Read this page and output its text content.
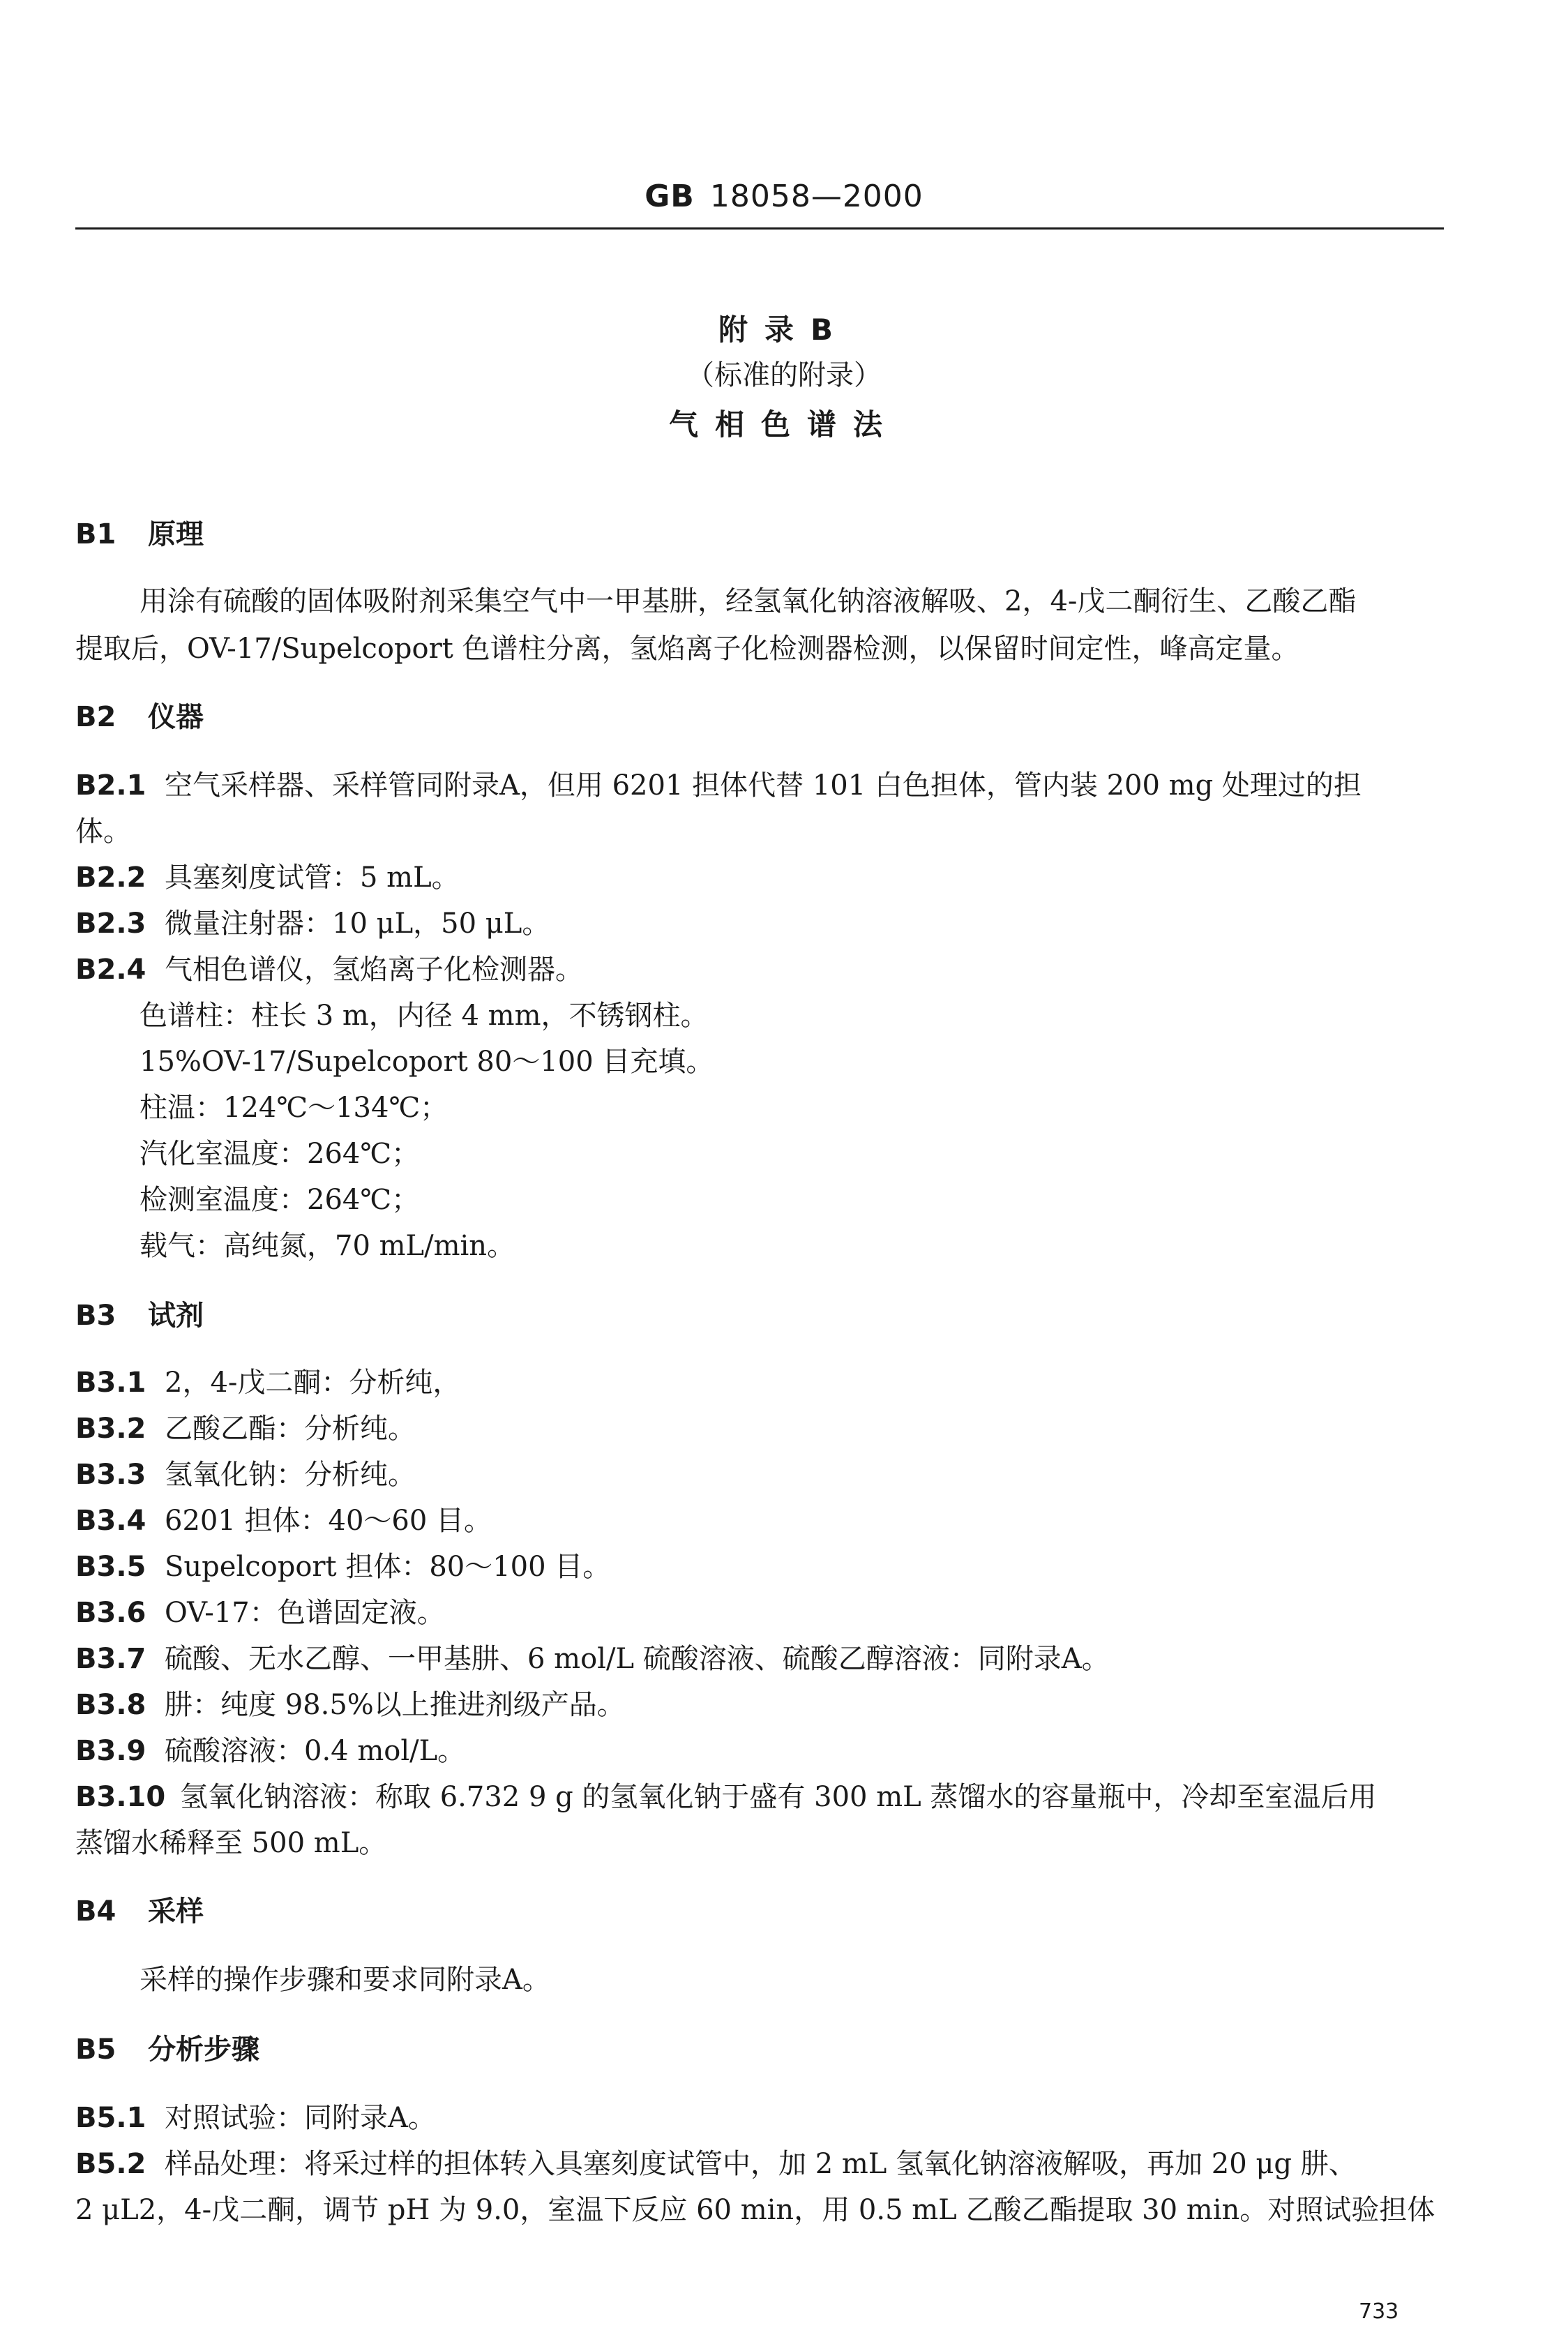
GB 18058—2000
附录B
（标准的附录）
气相色谱法
B1 原理
用涂有硫酸的固体吸附剂采集空气中一甲基肼，经氢氧化钠溶液解吸、2，4-戊二酮衍生、乙酸乙酯
提取后，OV-17/Supelcoport 色谱柱分离，氢焰离子化检测器检测，以保留时间定性，峰高定量。
B2 仪器
B2.1 空气采样器、采样管同附录A，但用 6201 担体代替 101 白色担体，管内装 200 mg 处理过的担
体。
B2.2 具塞刻度试管：5 mL。
B2.3 微量注射器：10 μL，50 μL。
B2.4 气相色谱仪，氢焰离子化检测器。
色谱柱：柱长 3 m，内径 4 mm，不锈钢柱。
15%OV-17/Supelcoport 80～100 目充填。
柱温：124℃～134℃；
汽化室温度：264℃；
检测室温度：264℃；
载气：高纯氮，70 mL/min。
B3 试剂
B3.1 2，4-戊二酮：分析纯，
B3.2 乙酸乙酯：分析纯。
B3.3 氢氧化钠：分析纯。
B3.4 6201 担体：40～60 目。
B3.5 Supelcoport 担体：80～100 目。
B3.6 OV-17：色谱固定液。
B3.7 硫酸、无水乙醇、一甲基肼、6 mol/L 硫酸溶液、硫酸乙醇溶液：同附录A。
B3.8 肼：纯度 98.5%以上推进剂级产品。
B3.9 硫酸溶液：0.4 mol/L。
B3.10 氢氧化钠溶液：称取 6.732 9 g 的氢氧化钠于盛有 300 mL 蒸馏水的容量瓶中，冷却至室温后用
蒸馏水稀释至 500 mL。
B4 采样
采样的操作步骤和要求同附录A。
B5 分析步骤
B5.1 对照试验：同附录A。
B5.2 样品处理：将采过样的担体转入具塞刻度试管中，加 2 mL 氢氧化钠溶液解吸，再加 20 μg 肼、
2 μL2，4-戊二酮，调节 pH 为 9.0，室温下反应 60 min，用 0.5 mL 乙酸乙酯提取 30 min。对照试验担体
733
